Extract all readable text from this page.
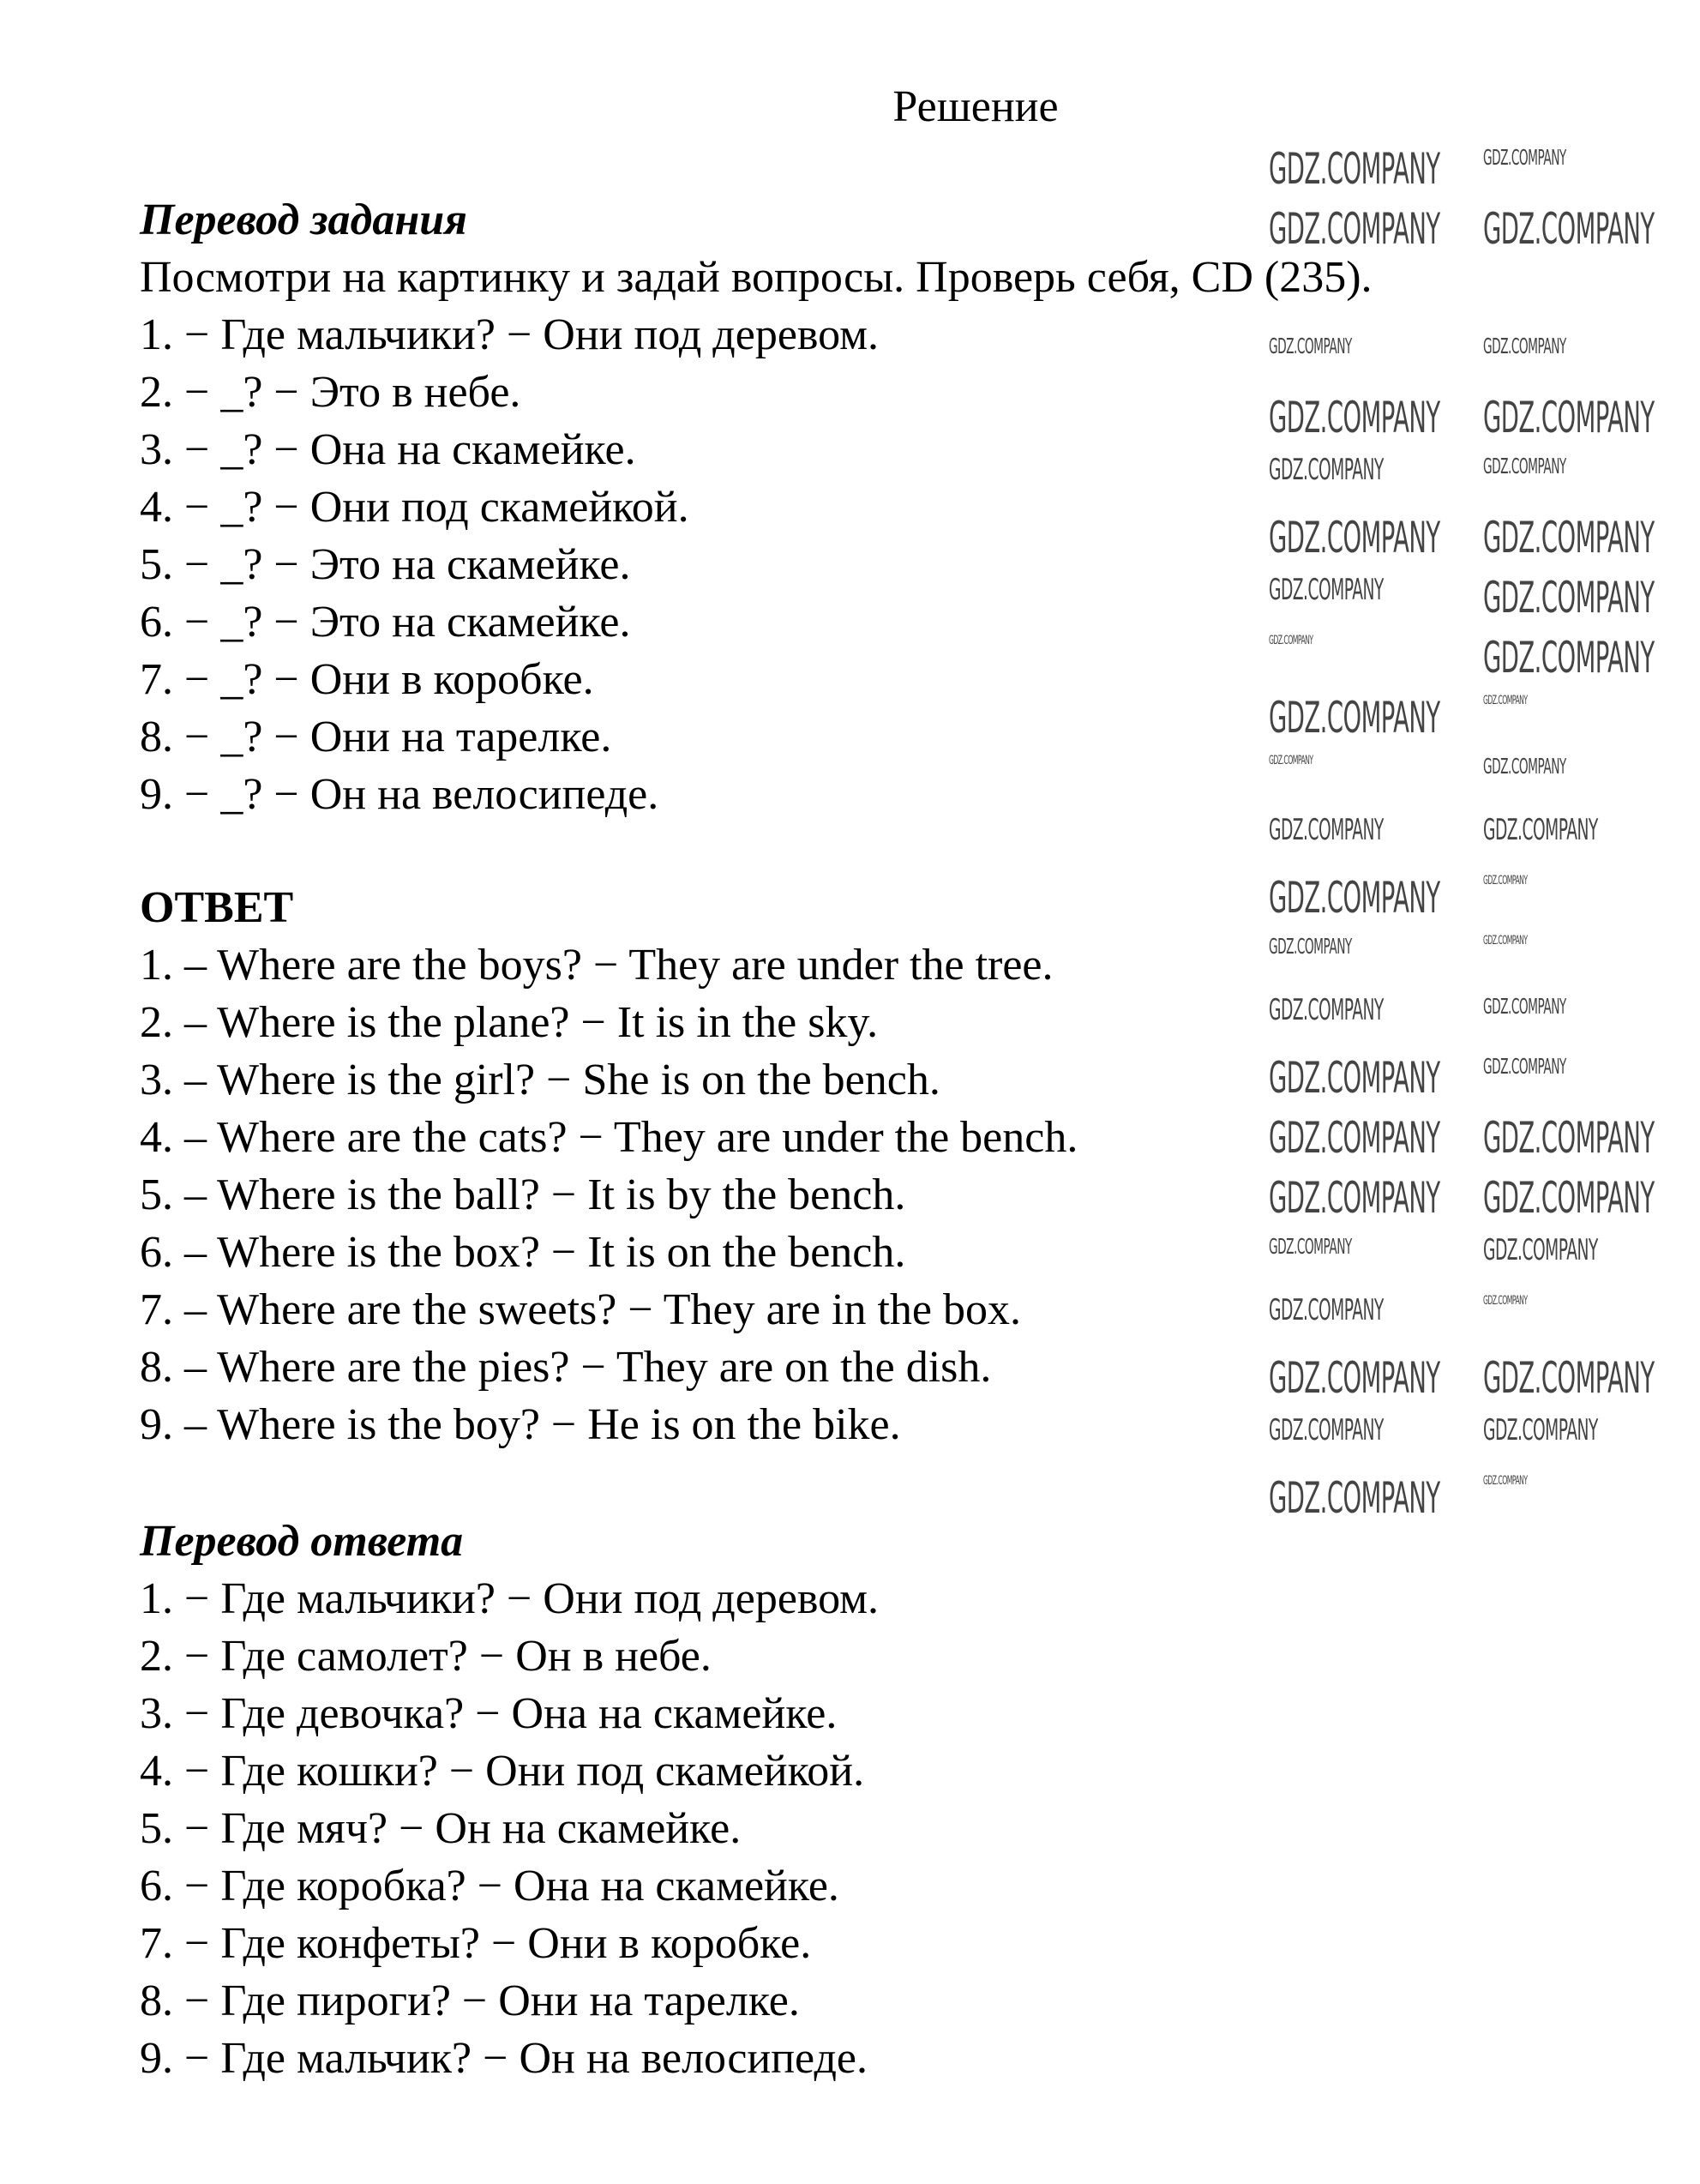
Решение
Перевод задания
Посмотри на картинку и задай вопросы. Проверь себя, CD (235).
1. − Где мальчики? − Они под деревом.
2. − _? − Это в небе.
3. − _? − Она на скамейке.
4. − _? − Они под скамейкой.
5. − _? − Это на скамейке.
6. − _? − Это на скамейке.
7. − _? − Они в коробке.
8. − _? − Они на тарелке.
9. − _? − Он на велосипеде.
ОТВЕТ
1. – Where are the boys? − They are under the tree.
2. – Where is the plane? − It is in the sky.
3. – Where is the girl? − She is on the bench.
4. – Where are the cats? − They are under the bench.
5. – Where is the ball? − It is by the bench.
6. – Where is the box? − It is on the bench.
7. – Where are the sweets? − They are in the box.
8. – Where are the pies? − They are on the dish.
9. – Where is the boy? − He is on the bike.
Перевод ответа
1. − Где мальчики? − Они под деревом.
2. − Где самолет? − Он в небе.
3. − Где девочка? − Она на скамейке.
4. − Где кошки? − Они под скамейкой.
5. − Где мяч? − Он на скамейке.
6. − Где коробка? − Она на скамейке.
7. − Где конфеты? − Они в коробке.
8. − Где пироги? − Они на тарелке.
9. − Где мальчик? − Он на велосипеде.
GDZ.COMPANY GDZ.COMPANY
GDZ.COMPANY GDZ.COMPANY
GDZ.COMPANY	GDZ.COMPANY
GDZ.COMPANY GDZ.COMPANY
GDZ.COMPANY	GDZ.COMPANY
GDZ.COMPANY GDZ.COMPANY
GDZ.COMPANY GDZ.COMPANY
GDZ.COMPANY	GDZ.COMPANY
GDZ.COMPANY	GDZ.COMPANY
GDZ.COMPANY	GDZ.COMPANY
GDZ.COMPANY	GDZ.COMPANY
GDZ.COMPANY	GDZ.COMPANY
GDZ.COMPANY	GDZ.COMPANY
GDZ.COMPANY	GDZ.COMPANY
GDZ.COMPANY GDZ.COMPANY
GDZ.COMPANY GDZ.COMPANY
GDZ.COMPANY GDZ.COMPANY
GDZ.COMPANY	GDZ.COMPANY
GDZ.COMPANY	GDZ.COMPANY
GDZ.COMPANY GDZ.COMPANY
GDZ.COMPANY	GDZ.COMPANY
GDZ.COMPANY	GDZ.COMPANY
